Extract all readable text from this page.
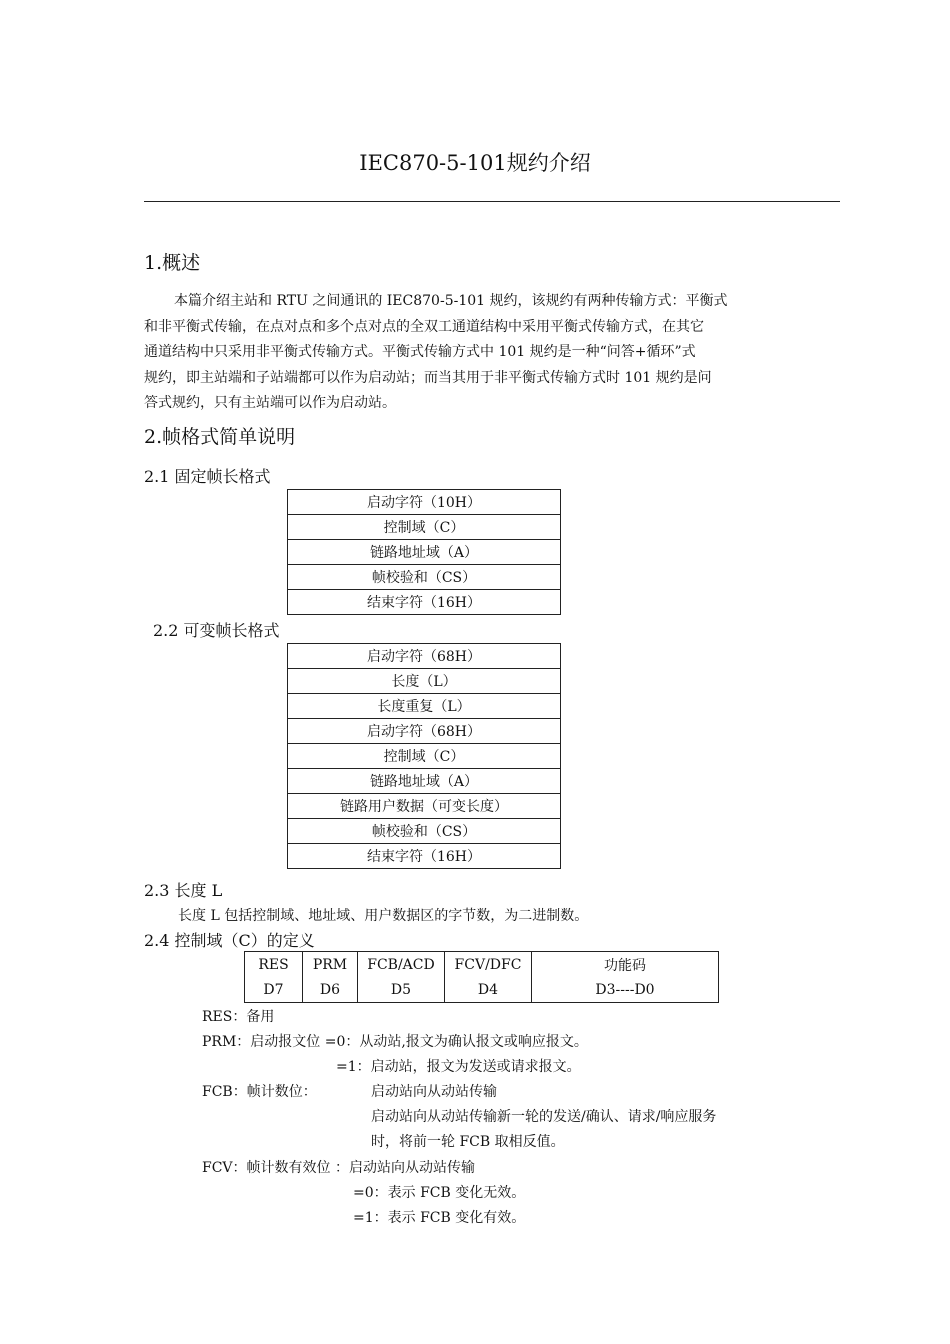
IEC870-5-101规约介绍
1.概述
本篇介绍主站和 RTU 之间通讯的 IEC870-5-101 规约，该规约有两种传输方式：平衡式
和非平衡式传输，在点对点和多个点对点的全双工通道结构中采用平衡式传输方式，在其它
通道结构中只采用非平衡式传输方式。平衡式传输方式中 101 规约是一种“问答+循环”式
规约，即主站端和子站端都可以作为启动站；而当其用于非平衡式传输方式时 101 规约是问
答式规约，只有主站端可以作为启动站。
2.帧格式简单说明
2.1 固定帧长格式
启动字符（10H）
控制域（C）
链路地址域（A）
帧校验和（CS）
结束字符（16H）
2.2 可变帧长格式
启动字符（68H）
长度（L）
长度重复（L）
启动字符（68H）
控制域（C）
链路地址域（A）
链路用户数据（可变长度）
帧校验和（CS）
结束字符（16H）
2.3 长度 L
长度 L 包括控制域、地址域、用户数据区的字节数，为二进制数。
2.4 控制域（C）的定义
RES	PRM	FCB/ACD	FCV/DFC	功能码
D7	D6	D5	D4	D3----D0
RES：备用
PRM：启动报文位 =0：从动站,报文为确认报文或响应报文。
=1：启动站，报文为发送或请求报文。
FCB：帧计数位：	启动站向从动站传输
启动站向从动站传输新一轮的发送/确认、请求/响应服务
时，将前一轮 FCB 取相反值。
FCV：帧计数有效位 ：启动站向从动站传输
=0：表示 FCB 变化无效。
=1：表示 FCB 变化有效。
